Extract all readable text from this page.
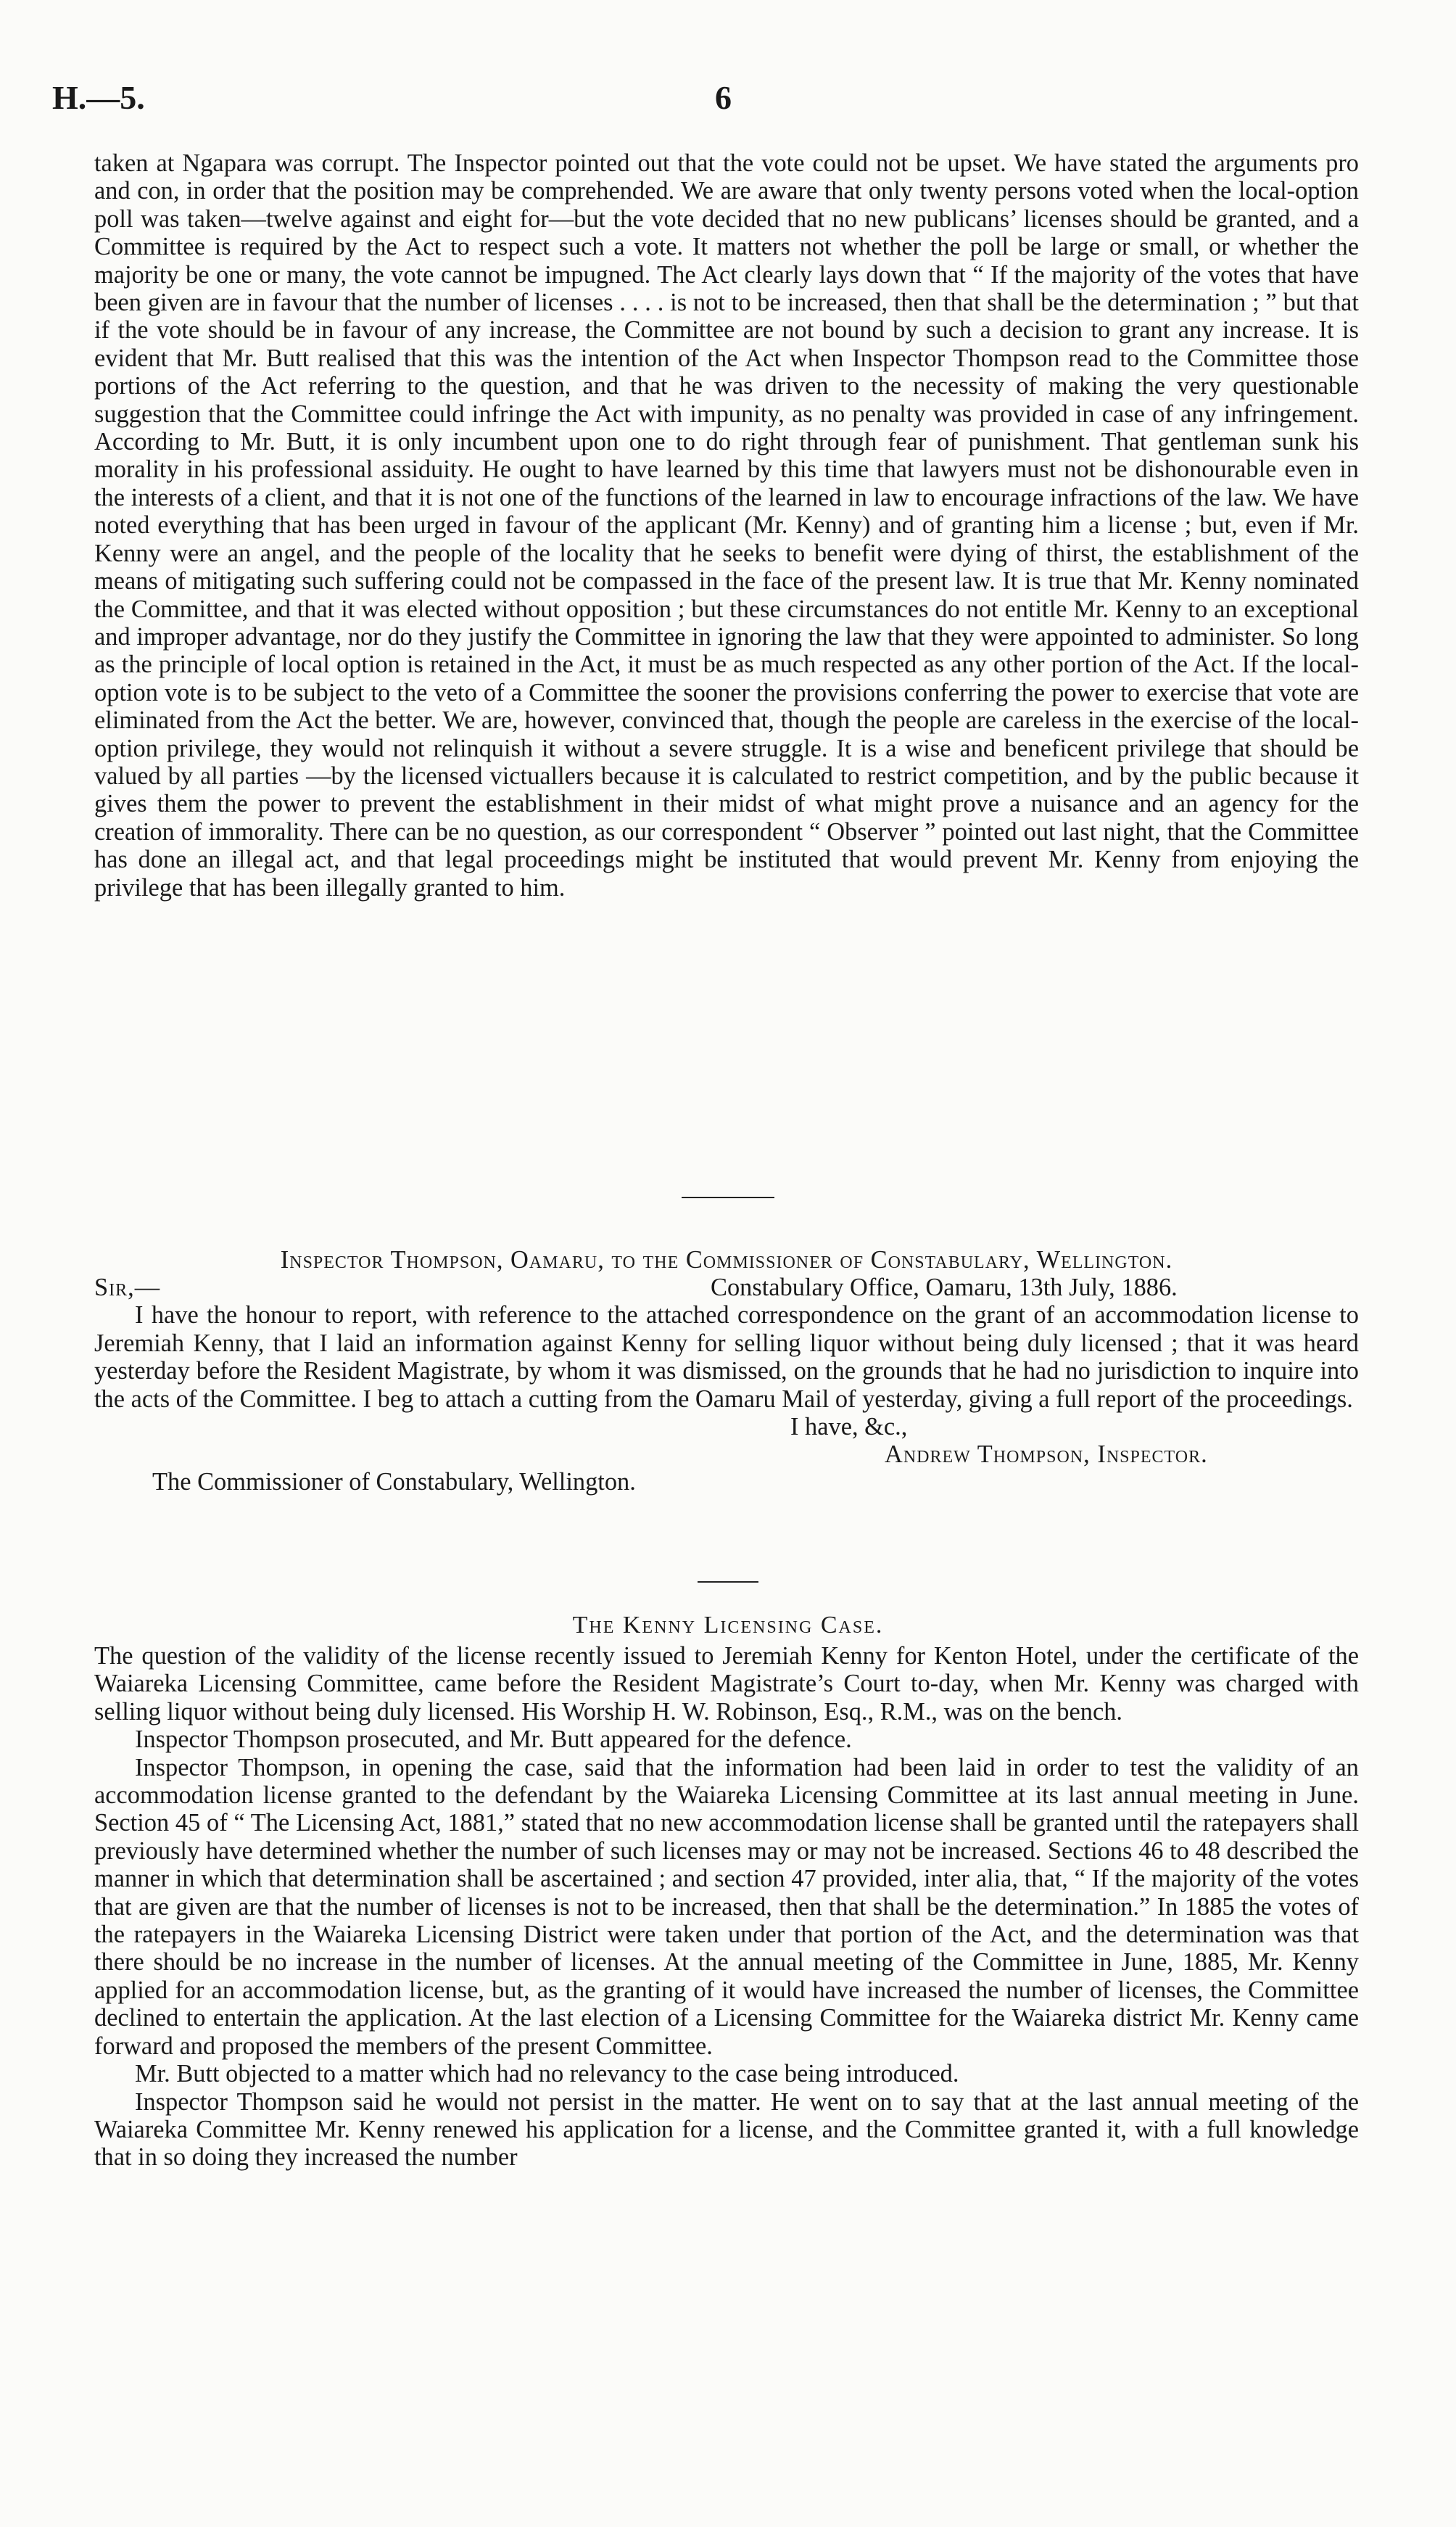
H.—5.	6

taken at Ngapara was corrupt. The Inspector pointed out that the vote could not be upset. We have stated the arguments pro and con, in order that the position may be comprehended. We are aware that only twenty persons voted when the local-option poll was taken—twelve against and eight for—but the vote decided that no new publicans’ licenses should be granted, and a Committee is required by the Act to respect such a vote. It matters not whether the poll be large or small, or whether the majority be one or many, the vote cannot be impugned. The Act clearly lays down that “ If the majority of the votes that have been given are in favour that the number of licenses . . . . is not to be increased, then that shall be the determination ; ” but that if the vote should be in favour of any increase, the Committee are not bound by such a decision to grant any increase. It is evident that Mr. Butt realised that this was the intention of the Act when Inspector Thompson read to the Committee those portions of the Act referring to the question, and that he was driven to the necessity of making the very questionable suggestion that the Committee could infringe the Act with impunity, as no penalty was provided in case of any infringement. According to Mr. Butt, it is only incumbent upon one to do right through fear of punishment. That gentleman sunk his morality in his professional assiduity. He ought to have learned by this time that lawyers must not be dishonourable even in the interests of a client, and that it is not one of the functions of the learned in law to encourage infractions of the law. We have noted everything that has been urged in favour of the applicant (Mr. Kenny) and of granting him a license ; but, even if Mr. Kenny were an angel, and the people of the locality that he seeks to benefit were dying of thirst, the establishment of the means of mitigating such suffering could not be compassed in the face of the present law. It is true that Mr. Kenny nominated the Committee, and that it was elected without opposition ; but these circumstances do not entitle Mr. Kenny to an exceptional and improper advantage, nor do they justify the Committee in ignoring the law that they were appointed to administer. So long as the principle of local option is retained in the Act, it must be as much respected as any other portion of the Act. If the local-option vote is to be subject to the veto of a Committee the sooner the provisions conferring the power to exercise that vote are eliminated from the Act the better. We are, however, convinced that, though the people are careless in the exercise of the local-option privilege, they would not relinquish it without a severe struggle. It is a wise and beneficent privilege that should be valued by all parties —by the licensed victuallers because it is calculated to restrict competition, and by the public because it gives them the power to prevent the establishment in their midst of what might prove a nuisance and an agency for the creation of immorality. There can be no question, as our correspondent “ Observer ” pointed out last night, that the Committee has done an illegal act, and that legal proceedings might be instituted that would prevent Mr. Kenny from enjoying the privilege that has been illegally granted to him.

Inspector Thompson, Oamaru, to the Commissioner of Constabulary, Wellington.
Sir,—	Constabulary Office, Oamaru, 13th July, 1886.

I have the honour to report, with reference to the attached correspondence on the grant of an accommodation license to Jeremiah Kenny, that I laid an information against Kenny for selling liquor without being duly licensed ; that it was heard yesterday before the Resident Magistrate, by whom it was dismissed, on the grounds that he had no jurisdiction to inquire into the acts of the Committee. I beg to attach a cutting from the Oamaru Mail of yesterday, giving a full report of the proceedings.

I have, &c.,
Andrew Thompson, Inspector.
The Commissioner of Constabulary, Wellington.
The Kenny Licensing Case.

The question of the validity of the license recently issued to Jeremiah Kenny for Kenton Hotel, under the certificate of the Waiareka Licensing Committee, came before the Resident Magistrate’s Court to-day, when Mr. Kenny was charged with selling liquor without being duly licensed. His Worship H. W. Robinson, Esq., R.M., was on the bench.

Inspector Thompson prosecuted, and Mr. Butt appeared for the defence.

Inspector Thompson, in opening the case, said that the information had been laid in order to test the validity of an accommodation license granted to the defendant by the Waiareka Licensing Committee at its last annual meeting in June. Section 45 of “ The Licensing Act, 1881,” stated that no new accommodation license shall be granted until the ratepayers shall previously have determined whether the number of such licenses may or may not be increased. Sections 46 to 48 described the manner in which that determination shall be ascertained ; and section 47 provided, inter alia, that, “ If the majority of the votes that are given are that the number of licenses is not to be increased, then that shall be the determination.” In 1885 the votes of the ratepayers in the Waiareka Licensing District were taken under that portion of the Act, and the determination was that there should be no increase in the number of licenses. At the annual meeting of the Committee in June, 1885, Mr. Kenny applied for an accommodation license, but, as the granting of it would have increased the number of licenses, the Committee declined to entertain the application. At the last election of a Licensing Committee for the Waiareka district Mr. Kenny came forward and proposed the members of the present Committee.

Mr. Butt objected to a matter which had no relevancy to the case being introduced.

Inspector Thompson said he would not persist in the matter. He went on to say that at the last annual meeting of the Waiareka Committee Mr. Kenny renewed his application for a license, and the Committee granted it, with a full knowledge that in so doing they increased the number
